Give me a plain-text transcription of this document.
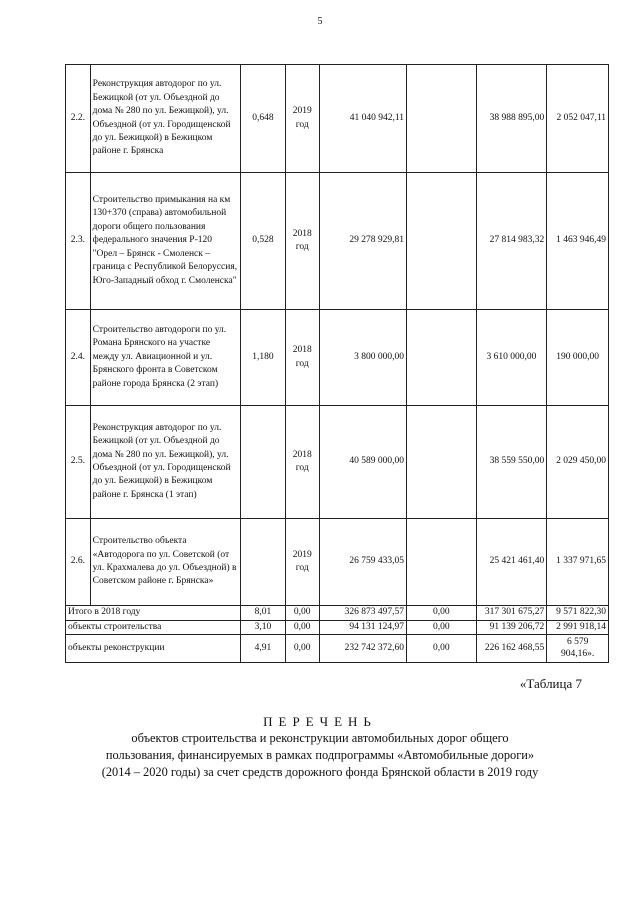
5
2.2.	Реконструкция автодорог по ул. Бежицкой (от ул. Объездной до дома № 280 по ул. Бежицкой), ул. Объездной (от ул. Городищенской до ул. Бежицкой) в Бежицком районе г. Брянска	0,648	2019 год	41 040 942,11		38 988 895,00	2 052 047,11
2.3.	Строительство примыкания на км 130+370 (справа) автомобильной дороги общего пользования федерального значения Р-120 "Орел – Брянск - Смоленск – граница с Республикой Белоруссия, Юго-Западный обход г. Смоленска"	0,528	2018 год	29 278 929,81		27 814 983,32	1 463 946,49
2.4.	Строительство автодороги по ул. Романа Брянского на участке между ул. Авиационной и ул. Брянского фронта в Советском районе города Брянска (2 этап)	1,180	2018 год	3 800 000,00		3 610 000,00	190 000,00
2.5.	Реконструкция автодорог по ул. Бежицкой (от ул. Объездной до дома № 280 по ул. Бежицкой), ул. Объездной (от ул. Городищенской до ул. Бежицкой) в Бежицком районе г. Брянска (1 этап)		2018 год	40 589 000,00		38 559 550,00	2 029 450,00
2.6.	Строительство объекта «Автодорога по ул. Советской (от ул. Крахмалева до ул. Объездной) в Советском районе г. Брянска»		2019 год	26 759 433,05		25 421 461,40	1 337 971,65
Итого в 2018 году		8,01	0,00	326 873 497,57	0,00	317 301 675,27	9 571 822,30
объекты строительства		3,10	0,00	94 131 124,97	0,00	91 139 206,72	2 991 918,14
объекты реконструкции		4,91	0,00	232 742 372,60	0,00	226 162 468,55	6 579 904,16».
«Таблица 7
ПЕРЕЧЕНЬ
объектов строительства и реконструкции автомобильных дорог общего пользования, финансируемых в рамках подпрограммы «Автомобильные дороги» (2014 – 2020 годы) за счет средств дорожного фонда Брянской области в 2019 году
